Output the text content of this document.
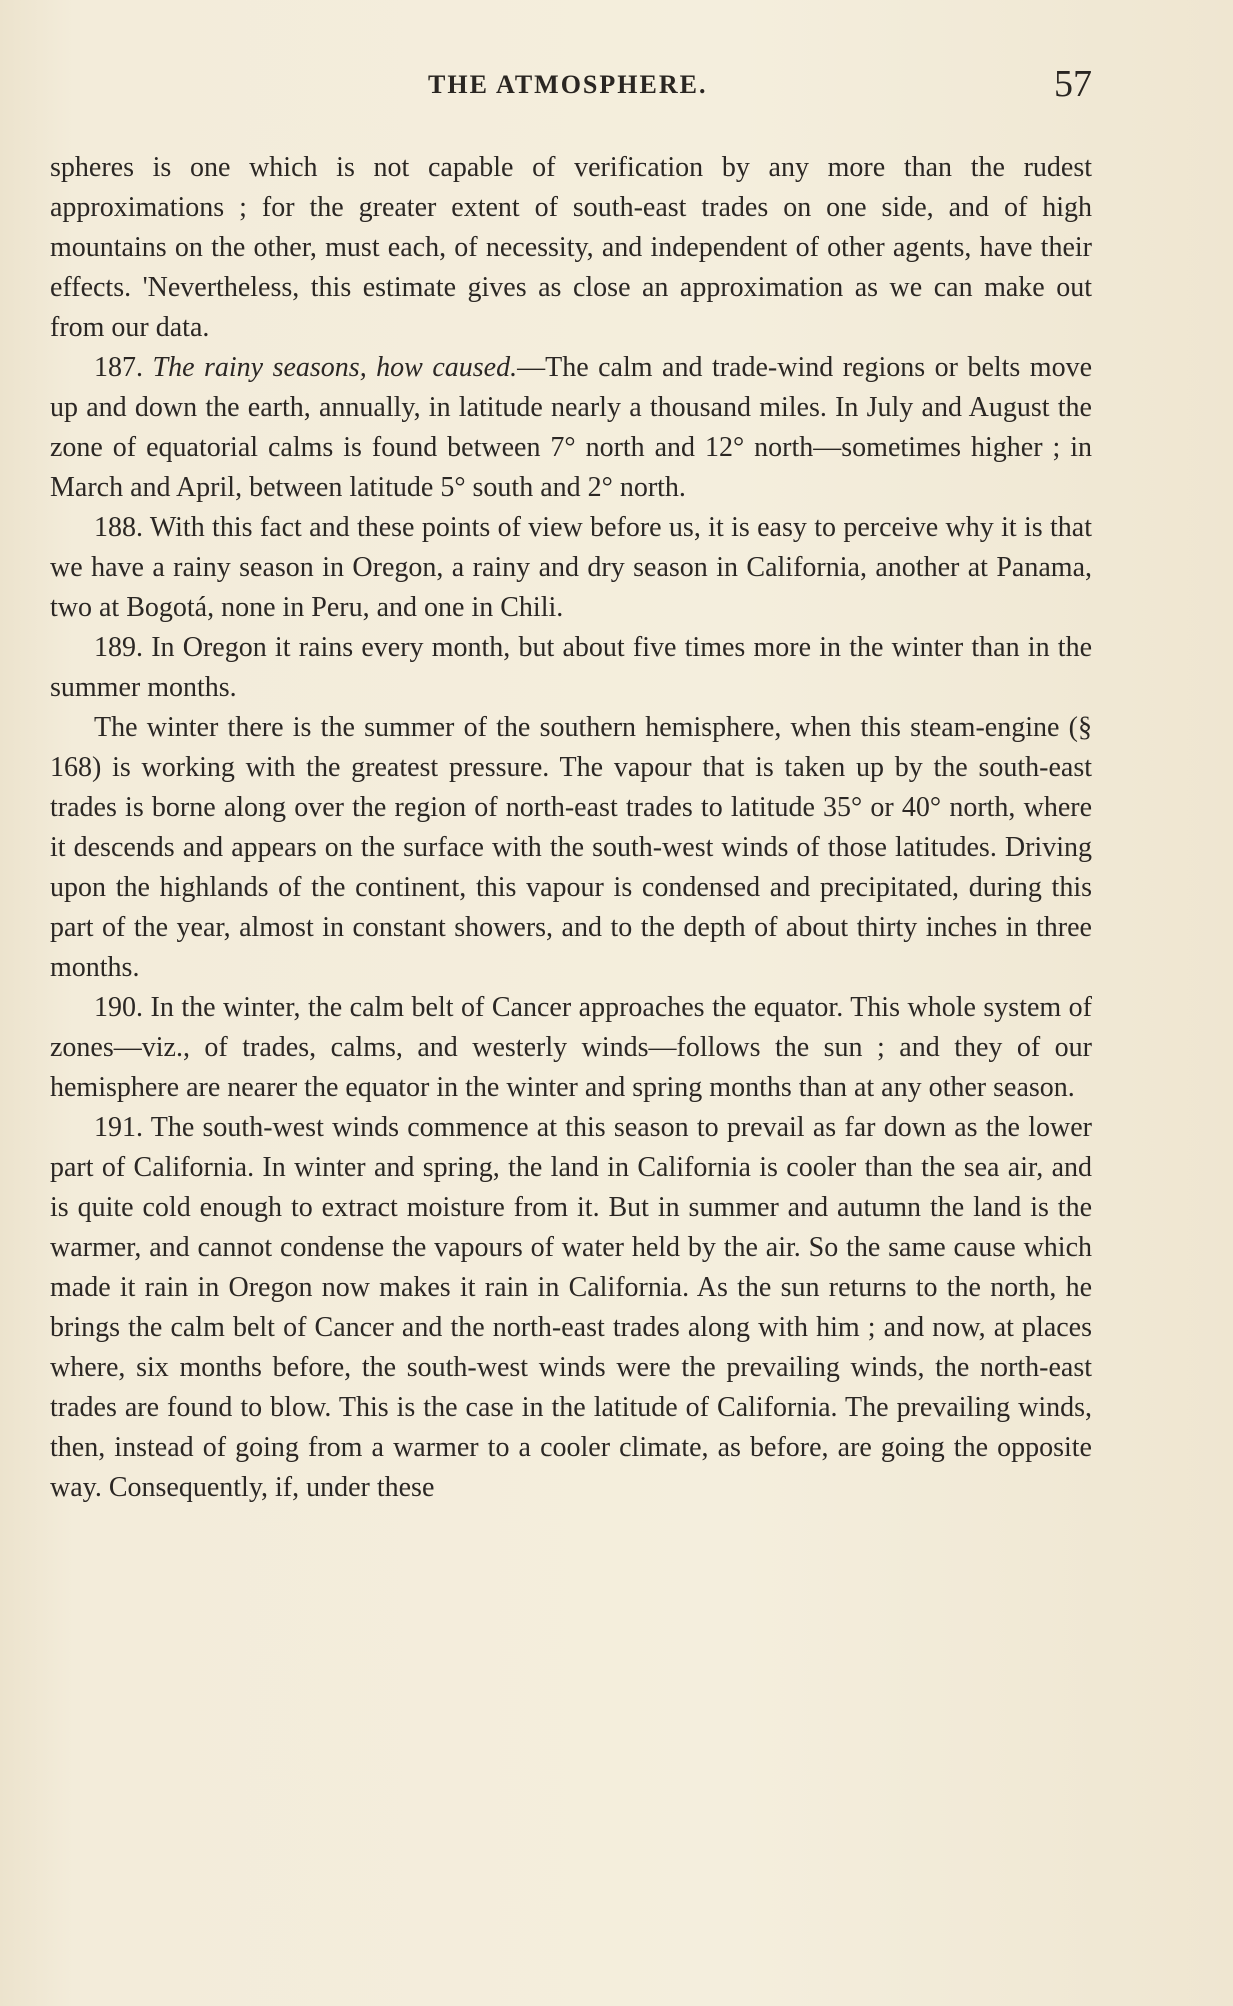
THE ATMOSPHERE.	57

spheres is one which is not capable of verification by any more than the rudest approximations ; for the greater extent of south-east trades on one side, and of high mountains on the other, must each, of necessity, and independent of other agents, have their effects. 'Nevertheless, this estimate gives as close an approximation as we can make out from our data.

187. The rainy seasons, how caused.—The calm and trade-wind regions or belts move up and down the earth, annually, in latitude nearly a thousand miles. In July and August the zone of equatorial calms is found between 7° north and 12° north—sometimes higher ; in March and April, between latitude 5° south and 2° north.

188. With this fact and these points of view before us, it is easy to perceive why it is that we have a rainy season in Oregon, a rainy and dry season in California, another at Panama, two at Bogotá, none in Peru, and one in Chili.

189. In Oregon it rains every month, but about five times more in the winter than in the summer months.

The winter there is the summer of the southern hemisphere, when this steam-engine (§ 168) is working with the greatest pressure. The vapour that is taken up by the south-east trades is borne along over the region of north-east trades to latitude 35° or 40° north, where it descends and appears on the surface with the south-west winds of those latitudes. Driving upon the highlands of the continent, this vapour is condensed and precipitated, during this part of the year, almost in constant showers, and to the depth of about thirty inches in three months.

190. In the winter, the calm belt of Cancer approaches the equator. This whole system of zones—viz., of trades, calms, and westerly winds—follows the sun ; and they of our hemisphere are nearer the equator in the winter and spring months than at any other season.

191. The south-west winds commence at this season to prevail as far down as the lower part of California. In winter and spring, the land in California is cooler than the sea air, and is quite cold enough to extract moisture from it. But in summer and autumn the land is the warmer, and cannot condense the vapours of water held by the air. So the same cause which made it rain in Oregon now makes it rain in California. As the sun returns to the north, he brings the calm belt of Cancer and the north-east trades along with him ; and now, at places where, six months before, the south-west winds were the prevailing winds, the north-east trades are found to blow. This is the case in the latitude of California. The prevailing winds, then, instead of going from a warmer to a cooler climate, as before, are going the opposite way. Consequently, if, under these
